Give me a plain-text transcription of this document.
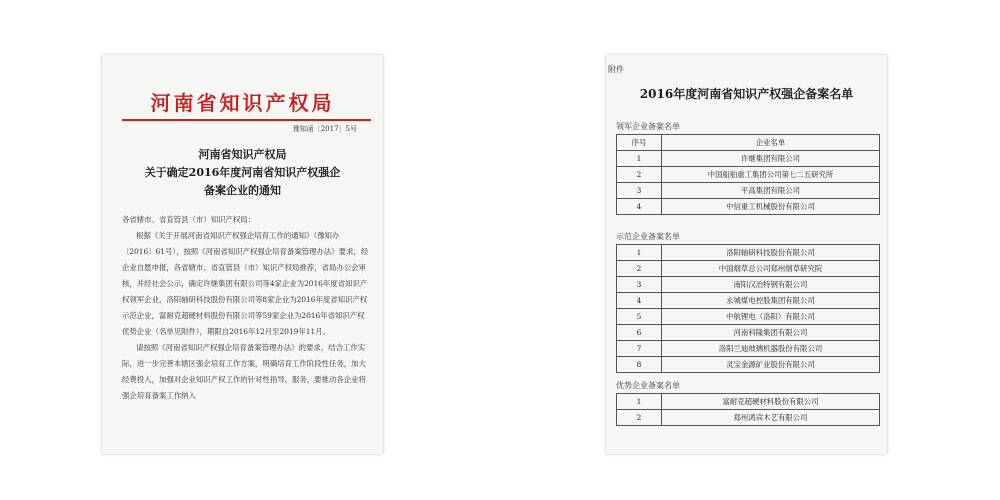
河南省知识产权局
豫知函〔2017〕5号
河南省知识产权局
关于确定2016年度河南省知识产权强企
备案企业的通知

各省辖市、省直管县（市）知识产权局：

根据《关于开展河南省知识产权强企培育工作的通知》（豫知办〔2016〕61号），按照《河南省知识产权强企培育备案管理办法》要求，经企业自愿申报，各省辖市、省直管县（市）知识产权局推荐，省局办公会审核，并经社会公示，确定许继集团有限公司等4家企业为2016年度省知识产权领军企业，洛阳轴研科技股份有限公司等8家企业为2016年度省知识产权示范企业，富耐克超硬材料股份有限公司等59家企业为2016年省知识产权优势企业（名单见附件），期限自2016年12月至2019年11月。

请按照《河南省知识产权强企培育备案管理办法》的要求，结合工作实际，进一步完善本辖区强企培育工作方案，明确培育工作阶段性任务，加大经费投入，加强对企业知识产权工作的针对性指导、服务，要推动各企业将强企培育备案工作纳入

附件
2016年度河南省知识产权强企备案名单
领军企业备案名单
序号	企业名单
1	许继集团有限公司
2	中国船舶重工集团公司第七二五研究所
3	平高集团有限公司
4	中信重工机械股份有限公司
示范企业备案名单
1	洛阳轴研科技股份有限公司
2	中国烟草总公司郑州烟草研究院
3	南阳汉冶特钢有限公司
4	永城煤电控股集团有限公司
5	中航锂电（洛阳）有限公司
6	河南科隆集团有限公司
7	洛阳兰迪玻璃机器股份有限公司
8	灵宝金源矿业股份有限公司
优势企业备案名单
1	富耐克超硬材料股份有限公司
2	郑州鸿宾木艺有限公司
